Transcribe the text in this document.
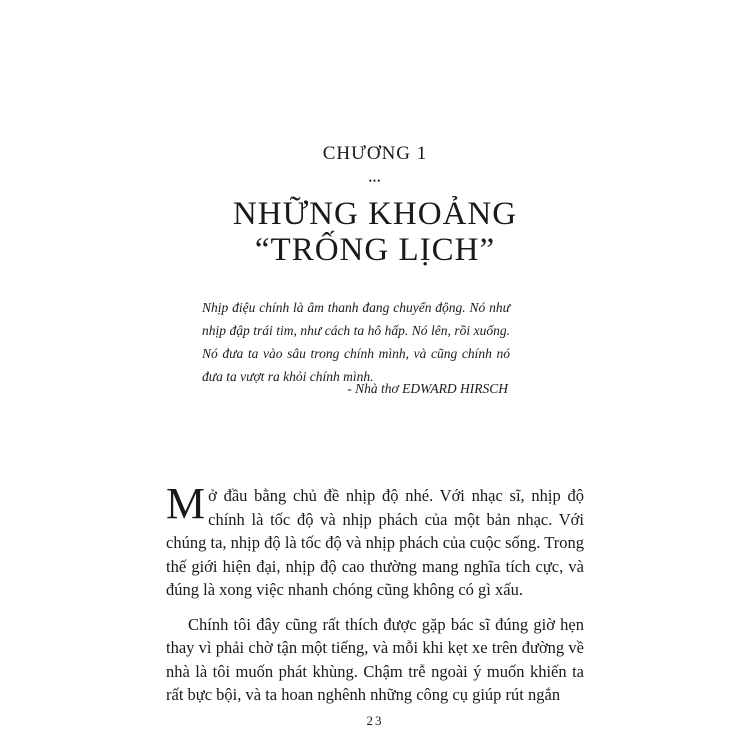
CHƯƠNG 1
•••
NHỮNG KHOẢNG
“TRỐNG LỊCH”
Nhịp điệu chính là âm thanh đang chuyển động. Nó như nhịp đập trái tim, như cách ta hô hấp. Nó lên, rồi xuống. Nó đưa ta vào sâu trong chính mình, và cũng chính nó đưa ta vượt ra khỏi chính mình.
- Nhà thơ EDWARD HIRSCH

Mở đầu bằng chủ đề nhịp độ nhé. Với nhạc sĩ, nhịp độ chính là tốc độ và nhịp phách của một bản nhạc. Với chúng ta, nhịp độ là tốc độ và nhịp phách của cuộc sống. Trong thế giới hiện đại, nhịp độ cao thường mang nghĩa tích cực, và đúng là xong việc nhanh chóng cũng không có gì xấu.

Chính tôi đây cũng rất thích được gặp bác sĩ đúng giờ hẹn thay vì phải chờ tận một tiếng, và mỗi khi kẹt xe trên đường về nhà là tôi muốn phát khùng. Chậm trễ ngoài ý muốn khiến ta rất bực bội, và ta hoan nghênh những công cụ giúp rút ngắn

23
